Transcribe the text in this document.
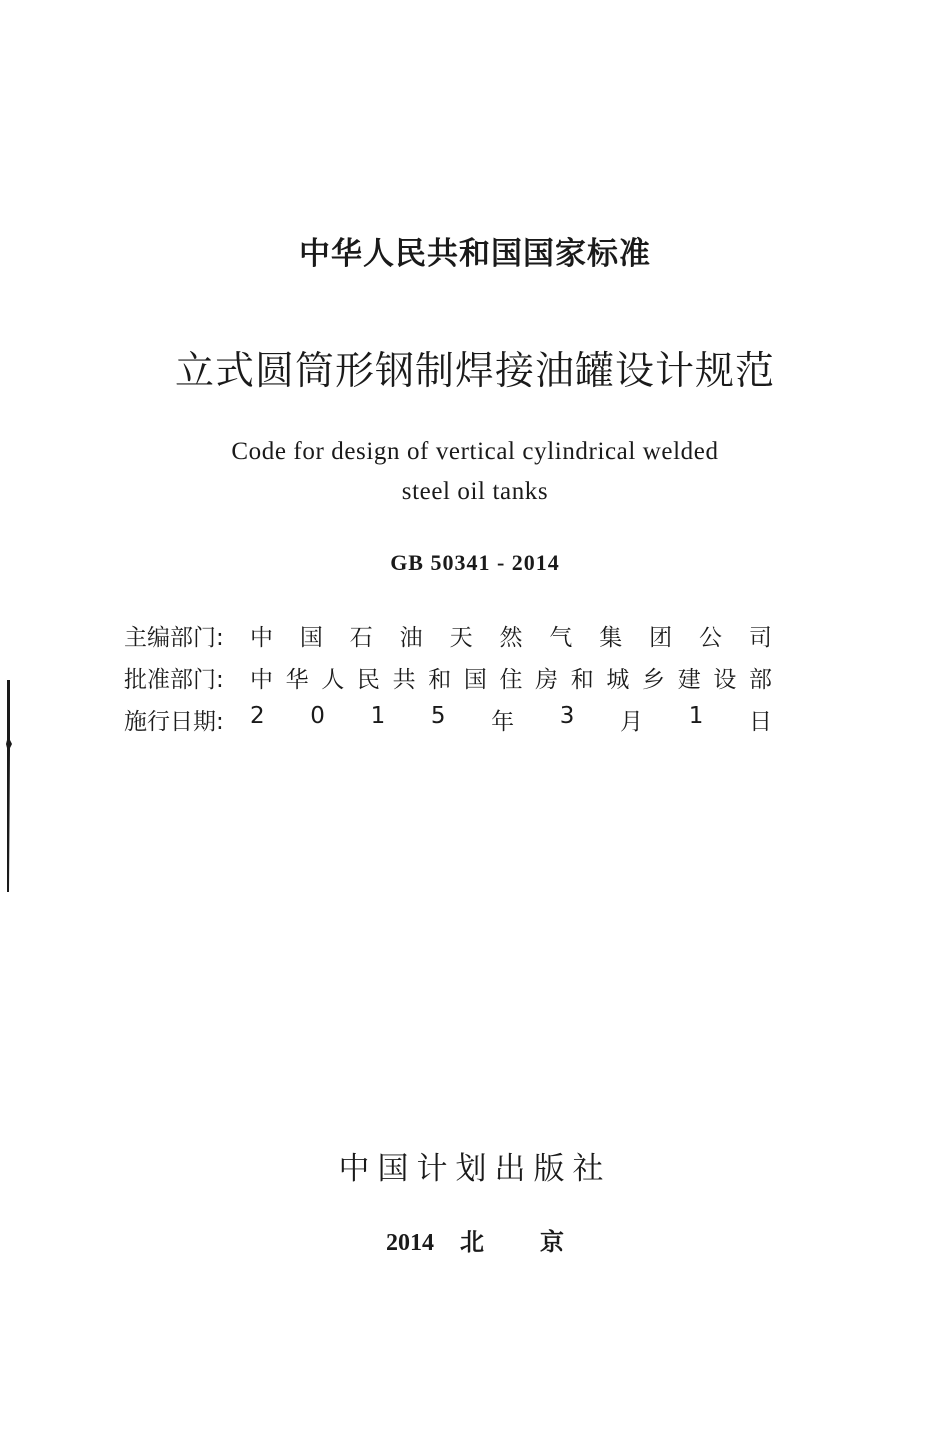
中华人民共和国国家标准
立式圆筒形钢制焊接油罐设计规范
Code for design of vertical cylindrical welded
steel oil tanks
GB 50341 - 2014
主编部门:	中 国 石 油 天 然 气 集 团 公 司
批准部门:	中 华 人 民 共 和 国 住 房 和 城 乡 建 设 部
施行日期:	2 0 1 5 年 3 月 1 日
中国计划出版社
2014 北 京
